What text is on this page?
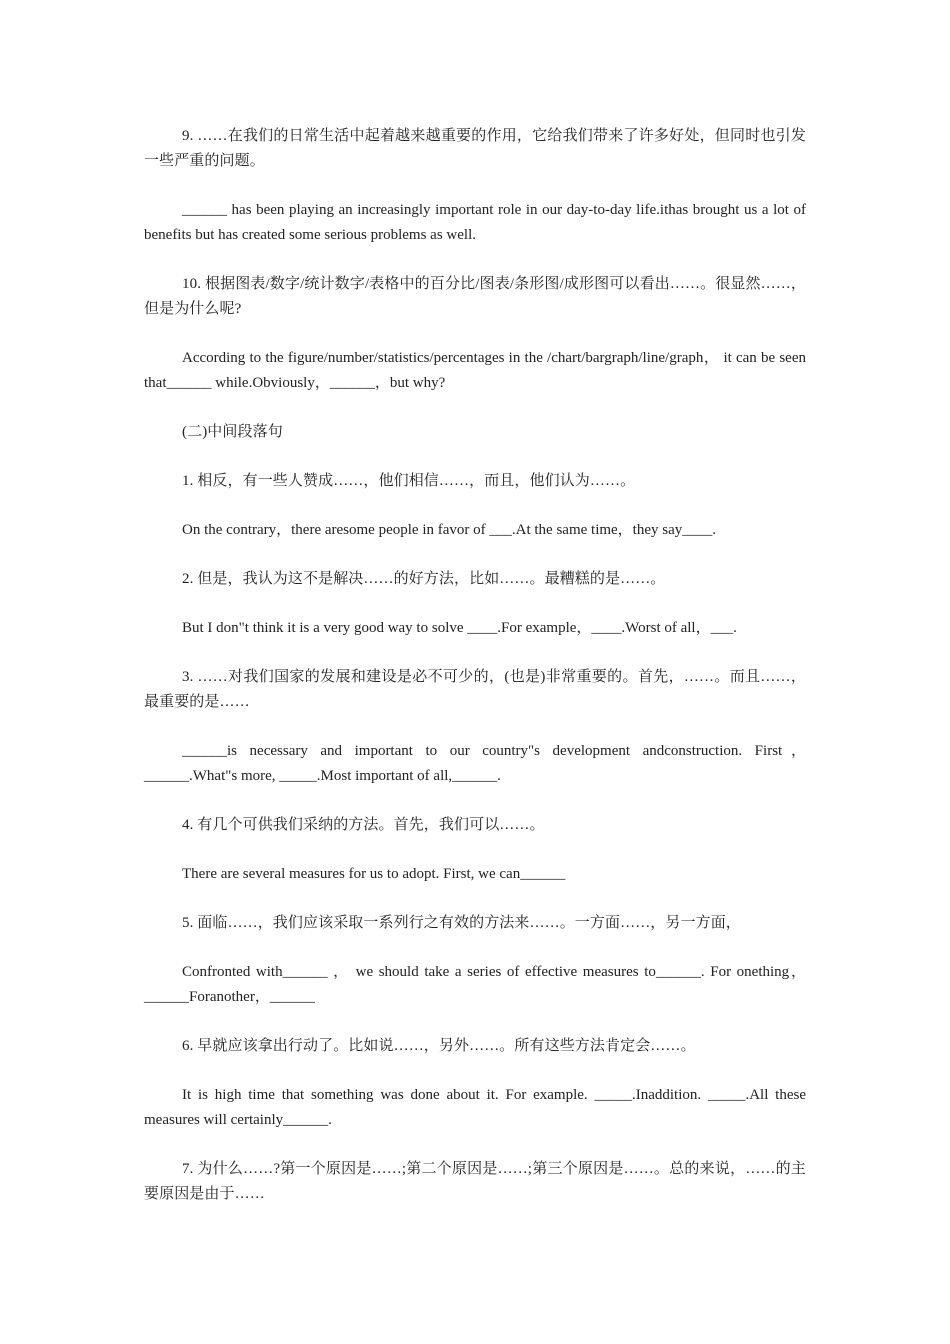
9. ……在我们的日常生活中起着越来越重要的作用，它给我们带来了许多好处，但同时也引发一些严重的问题。

______ has been playing an increasingly important role in our day-to-day life.ithas brought us a lot of benefits but has created some serious problems as well.

10. 根据图表/数字/统计数字/表格中的百分比/图表/条形图/成形图可以看出……。很显然……，但是为什么呢?

According to the figure/number/statistics/percentages in the /chart/bargraph/line/graph， it can be seen that______ while.Obviously，______，but why?

(二)中间段落句

1. 相反，有一些人赞成……，他们相信……，而且，他们认为……。

On the contrary，there aresome people in favor of ___.At the same time，they say____.

2. 但是，我认为这不是解决……的好方法，比如……。最糟糕的是……。

But I don"t think it is a very good way to solve ____.For example，____.Worst of all，___.

3. ……对我们国家的发展和建设是必不可少的，(也是)非常重要的。首先，……。而且……，最重要的是……

______is necessary and important to our country"s development andconstruction. First，______.What"s more, _____.Most important of all,______.

4. 有几个可供我们采纳的方法。首先，我们可以……。

There are several measures for us to adopt. First, we can______

5. 面临……，我们应该采取一系列行之有效的方法来……。一方面……，另一方面，

Confronted with______ ， we should take a series of effective measures to______. For onething，______Foranother，______

6. 早就应该拿出行动了。比如说……，另外……。所有这些方法肯定会……。

It is high time that something was done about it. For example. _____.Inaddition. _____.All these measures will certainly______.

7. 为什么……?第一个原因是……;第二个原因是……;第三个原因是……。总的来说，……的主要原因是由于……
